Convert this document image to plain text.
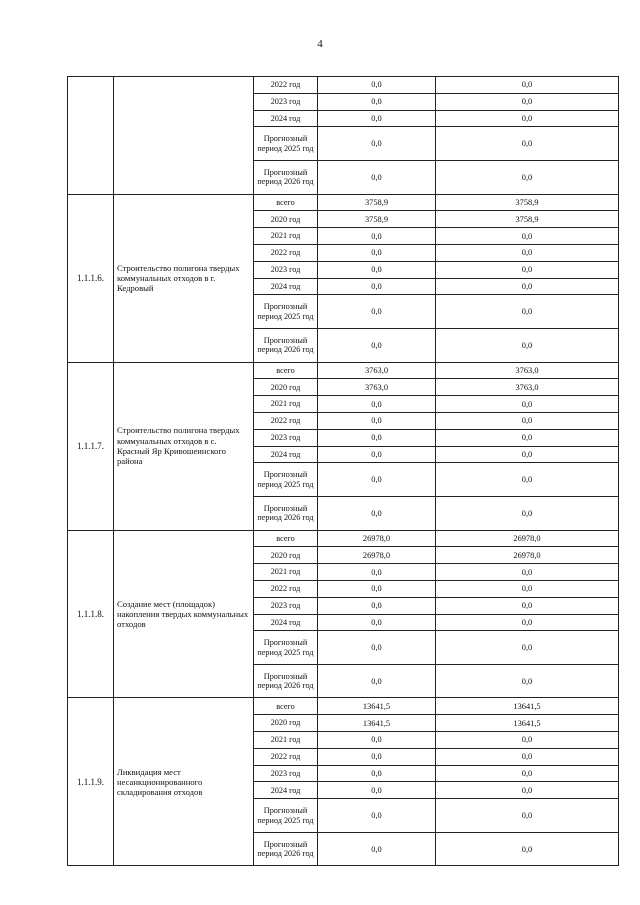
4
		2022 год	0,0	0,0
		2023 год	0,0	0,0
		2024 год	0,0	0,0
		Прогнозный период 2025 год	0,0	0,0
		Прогнозный период 2026 год	0,0	0,0
1.1.1.6.	Строительство полигона твердых коммунальных отходов в г. Кедровый	всего	3758,9	3758,9
		2020 год	3758,9	3758,9
		2021 год	0,0	0,0
		2022 год	0,0	0,0
		2023 год	0,0	0,0
		2024 год	0,0	0,0
		Прогнозный период 2025 год	0,0	0,0
		Прогнозный период 2026 год	0,0	0,0
1.1.1.7.	Строительство полигона твердых коммунальных отходов в с. Красный Яр Кривошеинского района	всего	3763,0	3763,0
		2020 год	3763,0	3763,0
		2021 год	0,0	0,0
		2022 год	0,0	0,0
		2023 год	0,0	0,0
		2024 год	0,0	0,0
		Прогнозный период 2025 год	0,0	0,0
		Прогнозный период 2026 год	0,0	0,0
1.1.1.8.	Создание мест (площадок) накопления твердых коммунальных отходов	всего	26978,0	26978,0
		2020 год	26978,0	26978,0
		2021 год	0,0	0,0
		2022 год	0,0	0,0
		2023 год	0,0	0,0
		2024 год	0,0	0,0
		Прогнозный период 2025 год	0,0	0,0
		Прогнозный период 2026 год	0,0	0,0
1.1.1.9.	Ликвидация мест несанкционированного складирования отходов	всего	13641,5	13641,5
		2020 год	13641,5	13641,5
		2021 год	0,0	0,0
		2022 год	0,0	0,0
		2023 год	0,0	0,0
		2024 год	0,0	0,0
		Прогнозный период 2025 год	0,0	0,0
		Прогнозный период 2026 год	0,0	0,0
